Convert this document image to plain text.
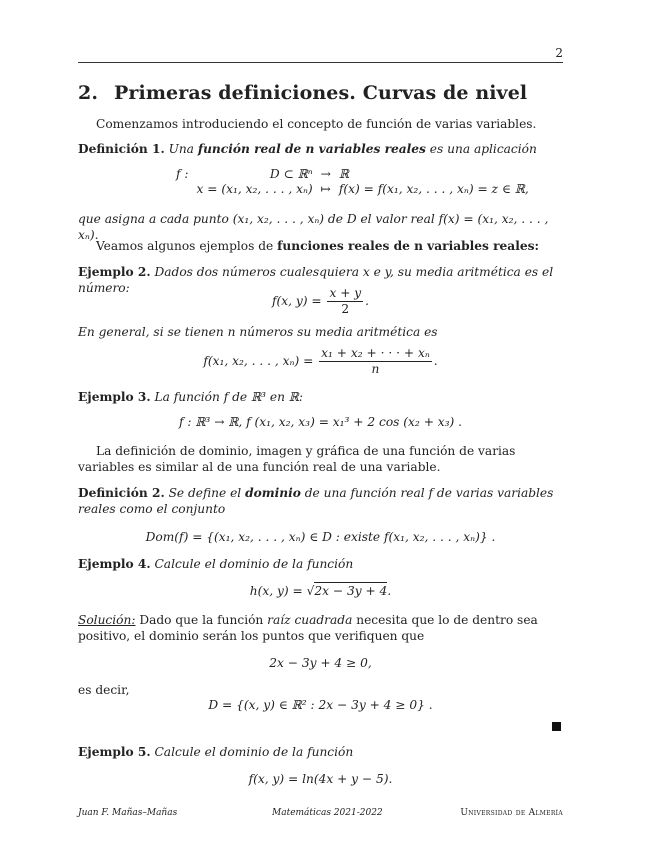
2
2. Primeras definiciones. Curvas de nivel
Comenzamos introduciendo el concepto de función de varias variables.
Definición 1. Una función real de n variables reales es una aplicación
f :	D ⊂ ℝⁿ	→	ℝ
	x = (x₁, x₂, . . . , xₙ)	↦	f(x) = f(x₁, x₂, . . . , xₙ) = z ∈ ℝ,
que asigna a cada punto (x₁, x₂, . . . , xₙ) de D el valor real f(x) = (x₁, x₂, . . . , xₙ).
Veamos algunos ejemplos de funciones reales de n variables reales:
Ejemplo 2. Dados dos números cualesquiera x e y, su media aritmética es el número:
f(x, $y) = \frac{x + y}{2}$ .
En general, si se tienen n números su media aritmética es
f(x₁, x₂, . . . , $x_n) = \frac{\text{x₁ + x₂ + · · · + xₙ}}{n}$ .
Ejemplo 3. La función f de ℝ³ en ℝ:
f : ℝ³ → ℝ, f (x₁, x₂, x₃) = x₁³ + 2 cos (x₂ + x₃) .
La definición de dominio, imagen y gráfica de una función de varias variables es similar al de una función real de una variable.
Definición 2. Se define el dominio de una función real f de varias variables reales como el conjunto
Dom(f) = {(x₁, x₂, . . . , xₙ) ∈ D : existe f(x₁, x₂, . . . , xₙ)} .
Ejemplo 4. Calcule el dominio de la función
h(x, y) = √2x − 3y + 4.
Solución: Dado que la función raíz cuadrada necesita que lo de dentro sea positivo, el dominio serán los puntos que verifiquen que
2x − 3y + 4 ≥ 0,
es decir,
D = {(x, y) ∈ ℝ² : 2x − 3y + 4 ≥ 0} .
Ejemplo 5. Calcule el dominio de la función
f(x, y) = ln(4x + y − 5).
Juan F. Mañas–Mañas	Matemáticas 2021-2022	Universidad de Almería
